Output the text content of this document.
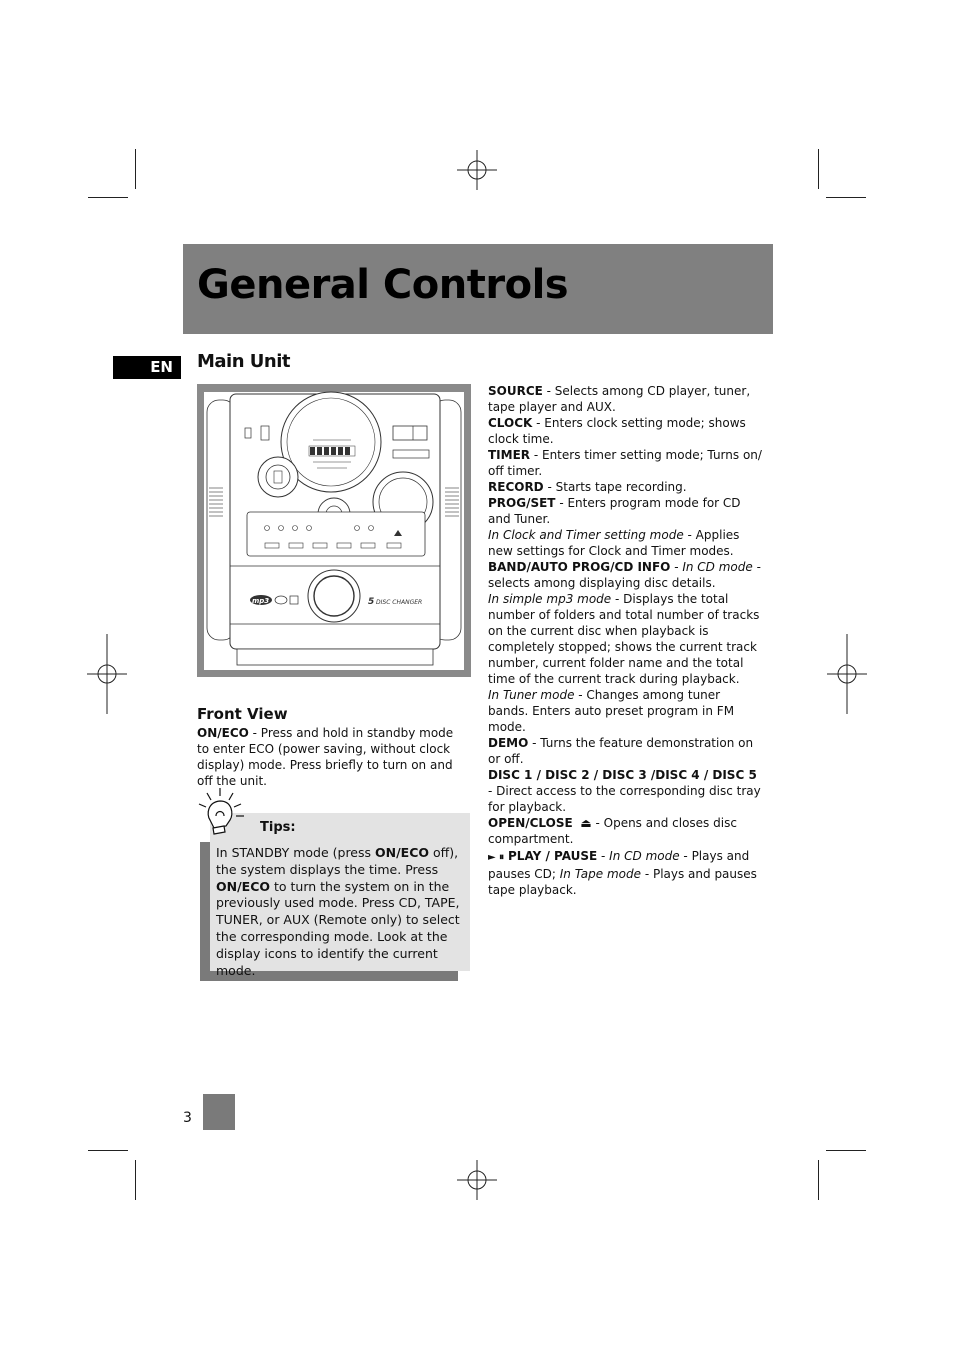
General Controls
EN	Main Unit
mp3	5 DISC CHANGER
Front View

ON/ECO - Press and hold in standby mode to enter ECO (power saving, without clock display) mode. Press briefly to turn on and off the unit.

Tips:

In STANDBY mode (press ON/ECO off), the system displays the time. Press ON/ECO to turn the system on in the previously used mode. Press CD, TAPE, TUNER, or AUX (Remote only) to select the corresponding mode. Look at the display icons to identify the current mode.

SOURCE - Selects among CD player, tuner, tape player and AUX.

CLOCK - Enters clock setting mode; shows clock time.

TIMER - Enters timer setting mode; Turns on/ off timer.

RECORD - Starts tape recording.

PROG/SET - Enters program mode for CD and Tuner.

In Clock and Timer setting mode - Applies new settings for Clock and Timer modes.

BAND/AUTO PROG/CD INFO - In CD mode - selects among displaying disc details.

In simple mp3 mode - Displays the total number of folders and total number of tracks on the current disc when playback is completely stopped; shows the current track number, current folder name and the total time of the current track during playback.

In Tuner mode - Changes among tuner bands. Enters auto preset program in FM mode.

DEMO - Turns the feature demonstration on or off.

DISC 1 / DISC 2 / DISC 3 /DISC 4 / DISC 5 - Direct access to the corresponding disc tray for playback.

OPEN/CLOSE ⏏ - Opens and closes disc compartment.

► ⏸ PLAY / PAUSE - In CD mode - Plays and pauses CD; In Tape mode - Plays and pauses tape playback.

3
